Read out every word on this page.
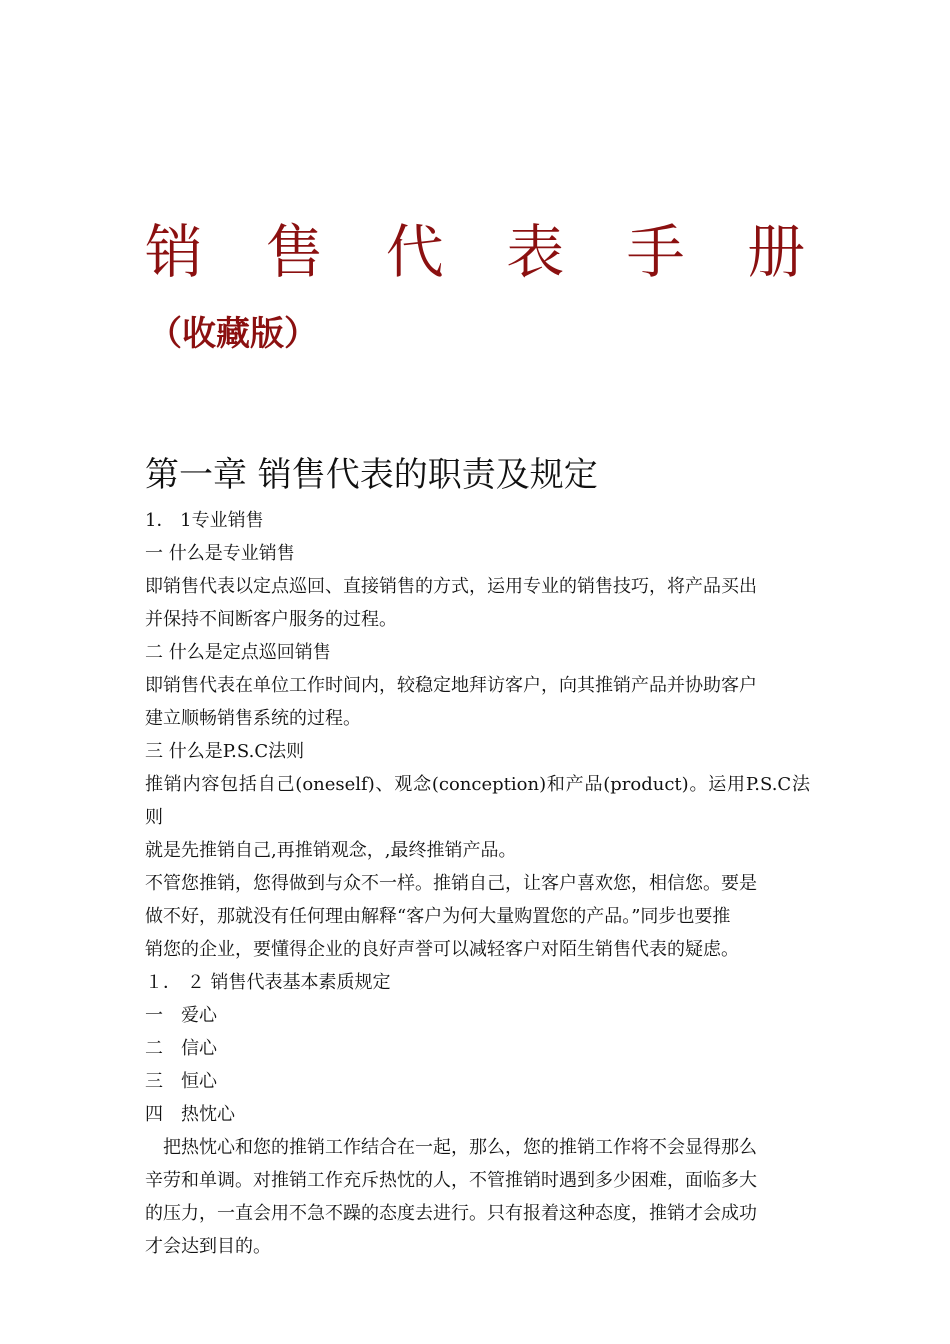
销 售 代 表 手 册
（收藏版）
第一章 销售代表的职责及规定

1． 1专业销售

一 什么是专业销售

即销售代表以定点巡回、直接销售的方式，运用专业的销售技巧，将产品买出

并保持不间断客户服务的过程。

二 什么是定点巡回销售

即销售代表在单位工作时间内，较稳定地拜访客户，向其推销产品并协助客户

建立顺畅销售系统的过程。

三 什么是P.S.C法则

推销内容包括自己(oneself)、观念(conception)和产品(product)。运用P.S.C法则

就是先推销自己,再推销观念，,最终推销产品。

不管您推销，您得做到与众不一样。推销自己，让客户喜欢您，相信您。要是

做不好，那就没有任何理由解释“客户为何大量购置您的产品。”同步也要推

销您的企业，要懂得企业的良好声誉可以减轻客户对陌生销售代表的疑虑。

１． ２ 销售代表基本素质规定

一　爱心

二　信心

三　恒心

四　热忱心

把热忱心和您的推销工作结合在一起，那么，您的推销工作将不会显得那么

辛劳和单调。对推销工作充斥热忱的人，不管推销时遇到多少困难，面临多大

的压力，一直会用不急不躁的态度去进行。只有报着这种态度，推销才会成功

才会达到目的。
